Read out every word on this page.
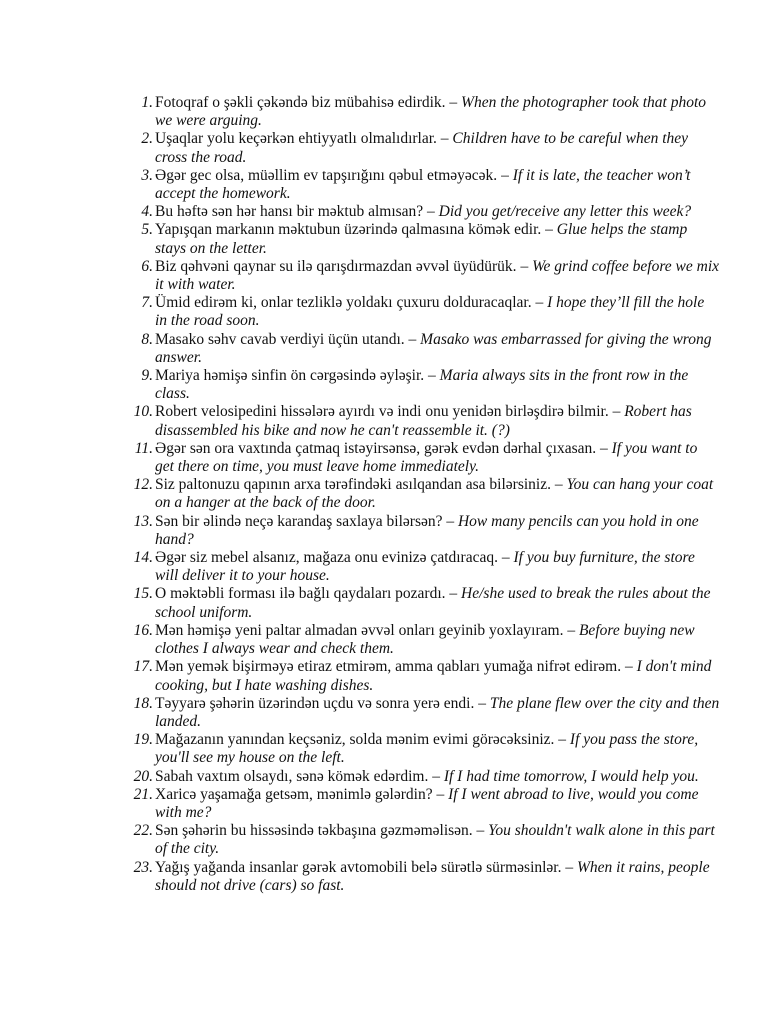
1. Fotoqraf o şəkli çəkəndə biz mübahisə edirdik. – When the photographer took that photo we were arguing.
2. Uşaqlar yolu keçərkən ehtiyyatlı olmalıdırlar. – Children have to be careful when they cross the road.
3. Əgər gec olsa, müəllim ev tapşırığını qəbul etməyəcək. – If it is late, the teacher won’t accept the homework.
4. Bu həftə sən hər hansı bir məktub almısan? – Did you get/receive any letter this week?
5. Yapışqan markanın məktubun üzərində qalmasına kömək edir. – Glue helps the stamp stays on the letter.
6. Biz qəhvəni qaynar su ilə qarışdırmazdan əvvəl üyüdürük. – We grind coffee before we mix it with water.
7. Ümid edirəm ki, onlar tezliklə yoldakı çuxuru dolduracaqlar. – I hope they’ll fill the hole in the road soon.
8. Masako səhv cavab verdiyi üçün utandı. – Masako was embarrassed for giving the wrong answer.
9. Mariya həmişə sinfin ön cərgəsində əyləşir. – Maria always sits in the front row in the class.
10. Robert velosipedini hissələrə ayırdı və indi onu yenidən birləşdirə bilmir. – Robert has disassembled his bike and now he can't reassemble it. (?)
11. Əgər sən ora vaxtında çatmaq istəyirsənsə, gərək evdən dərhal çıxasan. – If you want to get there on time, you must leave home immediately.
12. Siz paltonuzu qapının arxa tərəfindəki asılqandan asa bilərsiniz. – You can hang your coat on a hanger at the back of the door.
13. Sən bir əlində neçə karandaş saxlaya bilərsən? – How many pencils can you hold in one hand?
14. Əgər siz mebel alsanız, mağaza onu evinizə çatdıracaq. – If you buy furniture, the store will deliver it to your house.
15. O məktəbli forması ilə bağlı qaydaları pozardı. – He/she used to break the rules about the school uniform.
16. Mən həmişə yeni paltar almadan əvvəl onları geyinib yoxlayıram. – Before buying new clothes I always wear and check them.
17. Mən yemək bişirməyə etiraz etmirəm, amma qabları yumağa nifrət edirəm. – I don't mind cooking, but I hate washing dishes.
18. Təyyarə şəhərin üzərindən uçdu və sonra yerə endi. – The plane flew over the city and then landed.
19. Mağazanın yanından keçsəniz, solda mənim evimi görəcəksiniz. – If you pass the store, you'll see my house on the left.
20. Sabah vaxtım olsaydı, sənə kömək edərdim. – If I had time tomorrow, I would help you.
21. Xaricə yaşamağa getsəm, mənimlə gələrdin? – If I went abroad to live, would you come with me?
22. Sən şəhərin bu hissəsində təkbaşına gəzməməlisən. – You shouldn't walk alone in this part of the city.
23. Yağış yağanda insanlar gərək avtomobili belə sürətlə sürməsinlər. – When it rains, people should not drive (cars) so fast.
